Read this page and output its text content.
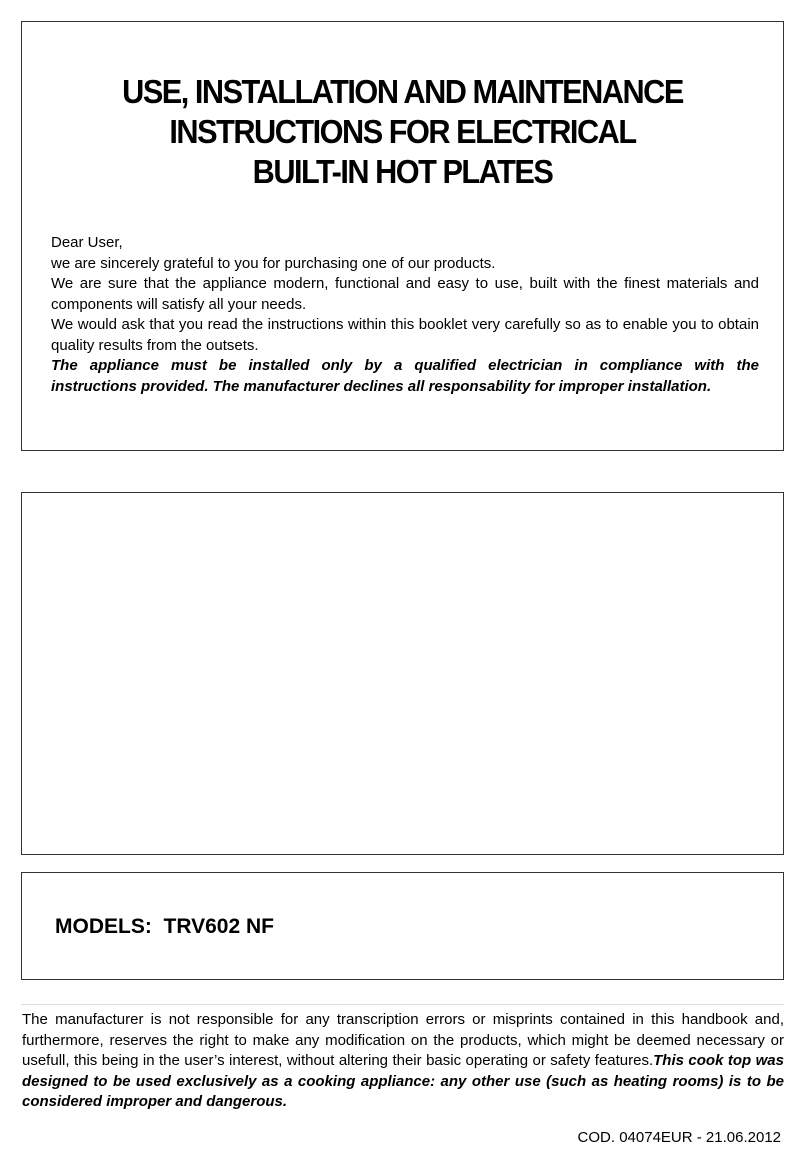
USE, INSTALLATION AND MAINTENANCE
INSTRUCTIONS FOR ELECTRICAL
BUILT-IN HOT PLATES

Dear User,

we are sincerely grateful to you for purchasing one of our products.

We are sure that the appliance modern, functional and easy to use, built with the finest materials and components will satisfy all your needs.

We would ask that you read the instructions within this booklet very carefully so as to enable you to obtain quality results from the outsets.

The appliance must be installed only by a qualified electrician in compliance with the

instructions provided. The manufacturer declines all responsability for improper installation.

MODELS: TRV602 NF

The manufacturer is not responsible for any transcription errors or misprints contained in this handbook and, furthermore, reserves the right to make any modification on the products, which might be deemed necessary or usefull, this being in the user’s interest, without altering their basic operating or safety features.This cook top was designed to be used exclusively as a cooking appliance: any other use (such as heating rooms) is to be considered improper and dangerous.

COD. 04074EUR - 21.06.2012
